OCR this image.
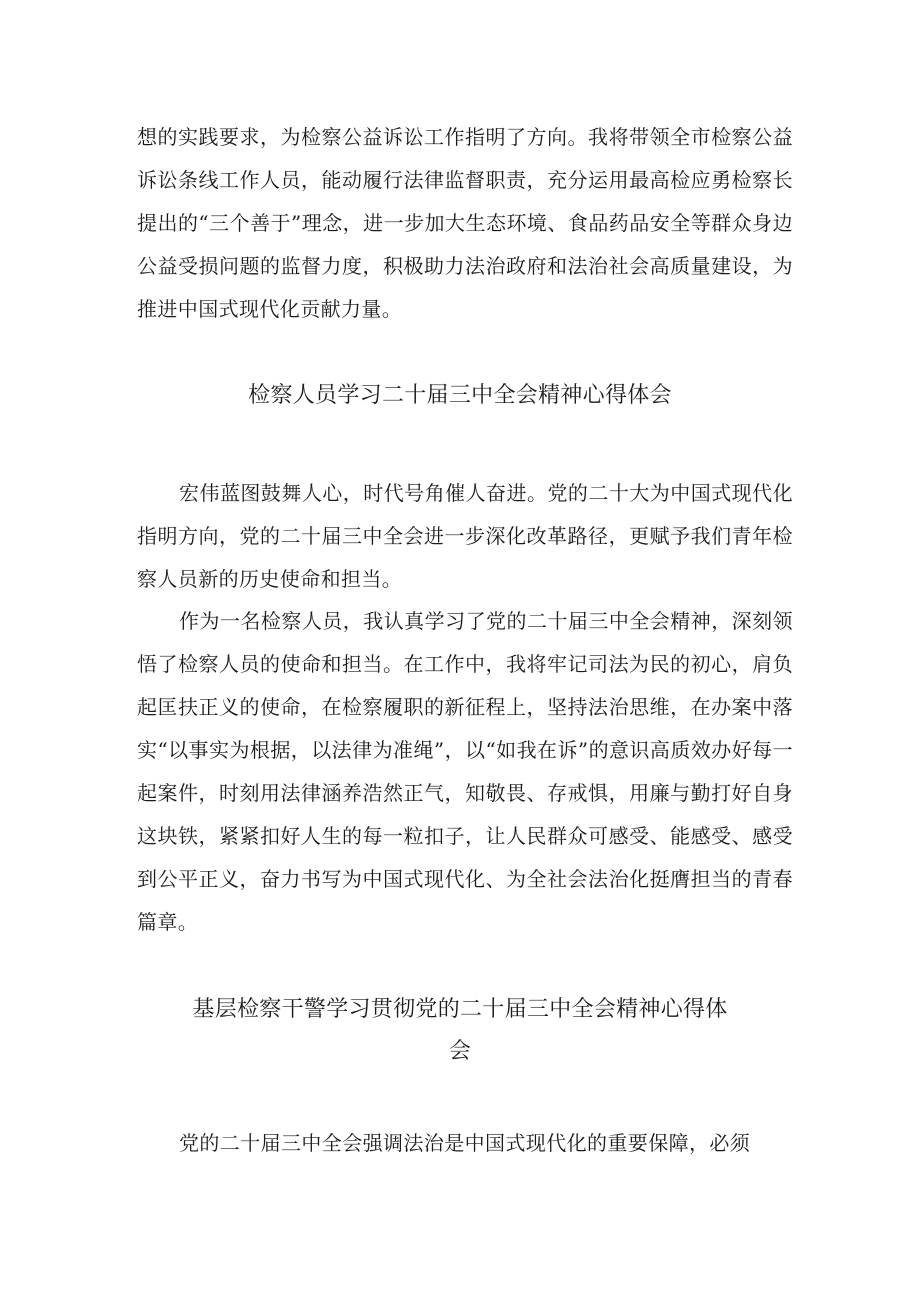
想的实践要求，为检察公益诉讼工作指明了方向。我将带领全市检察公益诉讼条线工作人员，能动履行法律监督职责，充分运用最高检应勇检察长提出的“三个善于”理念，进一步加大生态环境、食品药品安全等群众身边公益受损问题的监督力度，积极助力法治政府和法治社会高质量建设，为推进中国式现代化贡献力量。

检察人员学习二十届三中全会精神心得体会

宏伟蓝图鼓舞人心，时代号角催人奋进。党的二十大为中国式现代化指明方向，党的二十届三中全会进一步深化改革路径，更赋予我们青年检察人员新的历史使命和担当。

作为一名检察人员，我认真学习了党的二十届三中全会精神，深刻领悟了检察人员的使命和担当。在工作中，我将牢记司法为民的初心，肩负起匡扶正义的使命，在检察履职的新征程上，坚持法治思维，在办案中落实“以事实为根据，以法律为准绳”，以“如我在诉”的意识高质效办好每一起案件，时刻用法律涵养浩然正气，知敬畏、存戒惧，用廉与勤打好自身这块铁，紧紧扣好人生的每一粒扣子，让人民群众可感受、能感受、感受到公平正义，奋力书写为中国式现代化、为全社会法治化挺膺担当的青春篇章。

基层检察干警学习贯彻党的二十届三中全会精神心得体会

党的二十届三中全会强调法治是中国式现代化的重要保障，必须
